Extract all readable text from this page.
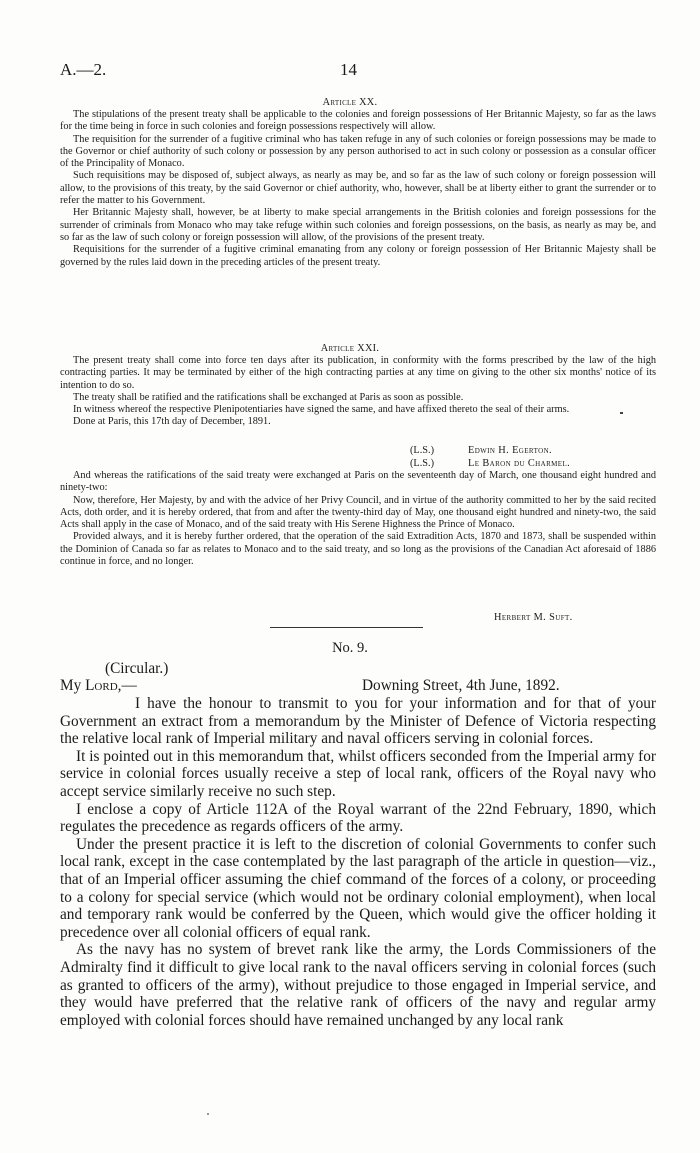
A.—2.	14
Article XX.

The stipulations of the present treaty shall be applicable to the colonies and foreign possessions of Her Britannic Majesty, so far as the laws for the time being in force in such colonies and foreign possessions respectively will allow.

The requisition for the surrender of a fugitive criminal who has taken refuge in any of such colonies or foreign possessions may be made to the Governor or chief authority of such colony or possession by any person authorised to act in such colony or possession as a consular officer of the Principality of Monaco.

Such requisitions may be disposed of, subject always, as nearly as may be, and so far as the law of such colony or foreign possession will allow, to the provisions of this treaty, by the said Governor or chief authority, who, however, shall be at liberty either to grant the surrender or to refer the matter to his Government.

Her Britannic Majesty shall, however, be at liberty to make special arrangements in the British colonies and foreign possessions for the surrender of criminals from Monaco who may take refuge within such colonies and foreign possessions, on the basis, as nearly as may be, and so far as the law of such colony or foreign possession will allow, of the provisions of the present treaty.

Requisitions for the surrender of a fugitive criminal emanating from any colony or foreign possession of Her Britannic Majesty shall be governed by the rules laid down in the preceding articles of the present treaty.

Article XXI.

The present treaty shall come into force ten days after its publication, in conformity with the forms prescribed by the law of the high contracting parties. It may be terminated by either of the high contracting parties at any time on giving to the other six months' notice of its intention to do so.

The treaty shall be ratified and the ratifications shall be exchanged at Paris as soon as possible.

In witness whereof the respective Plenipotentiaries have signed the same, and have affixed thereto the seal of their arms.

Done at Paris, this 17th day of December, 1891.

(L.S.)	Edwin H. Egerton.
(L.S.)	Le Baron du Charmel.

And whereas the ratifications of the said treaty were exchanged at Paris on the seventeenth day of March, one thousand eight hundred and ninety-two:

Now, therefore, Her Majesty, by and with the advice of her Privy Council, and in virtue of the authority committed to her by the said recited Acts, doth order, and it is hereby ordered, that from and after the twenty-third day of May, one thousand eight hundred and ninety-two, the said Acts shall apply in the case of Monaco, and of the said treaty with His Serene Highness the Prince of Monaco.

Provided always, and it is hereby further ordered, that the operation of the said Extradition Acts, 1870 and 1873, shall be suspended within the Dominion of Canada so far as relates to Monaco and to the said treaty, and so long as the provisions of the Canadian Act aforesaid of 1886 continue in force, and no longer.

Herbert M. Suft.
No. 9.
(Circular.)
My Lord,—	Downing Street, 4th June, 1892.

I have the honour to transmit to you for your information and for that of your Government an extract from a memorandum by the Minister of Defence of Victoria respecting the relative local rank of Imperial military and naval officers serving in colonial forces.

It is pointed out in this memorandum that, whilst officers seconded from the Imperial army for service in colonial forces usually receive a step of local rank, officers of the Royal navy who accept service similarly receive no such step.

I enclose a copy of Article 112A of the Royal warrant of the 22nd February, 1890, which regulates the precedence as regards officers of the army.

Under the present practice it is left to the discretion of colonial Governments to confer such local rank, except in the case contemplated by the last paragraph of the article in question—viz., that of an Imperial officer assuming the chief command of the forces of a colony, or proceeding to a colony for special service (which would not be ordinary colonial employment), when local and temporary rank would be conferred by the Queen, which would give the officer holding it precedence over all colonial officers of equal rank.

As the navy has no system of brevet rank like the army, the Lords Commissioners of the Admiralty find it difficult to give local rank to the naval officers serving in colonial forces (such as granted to officers of the army), without prejudice to those engaged in Imperial service, and they would have preferred that the relative rank of officers of the navy and regular army employed with colonial forces should have remained unchanged by any local rank
